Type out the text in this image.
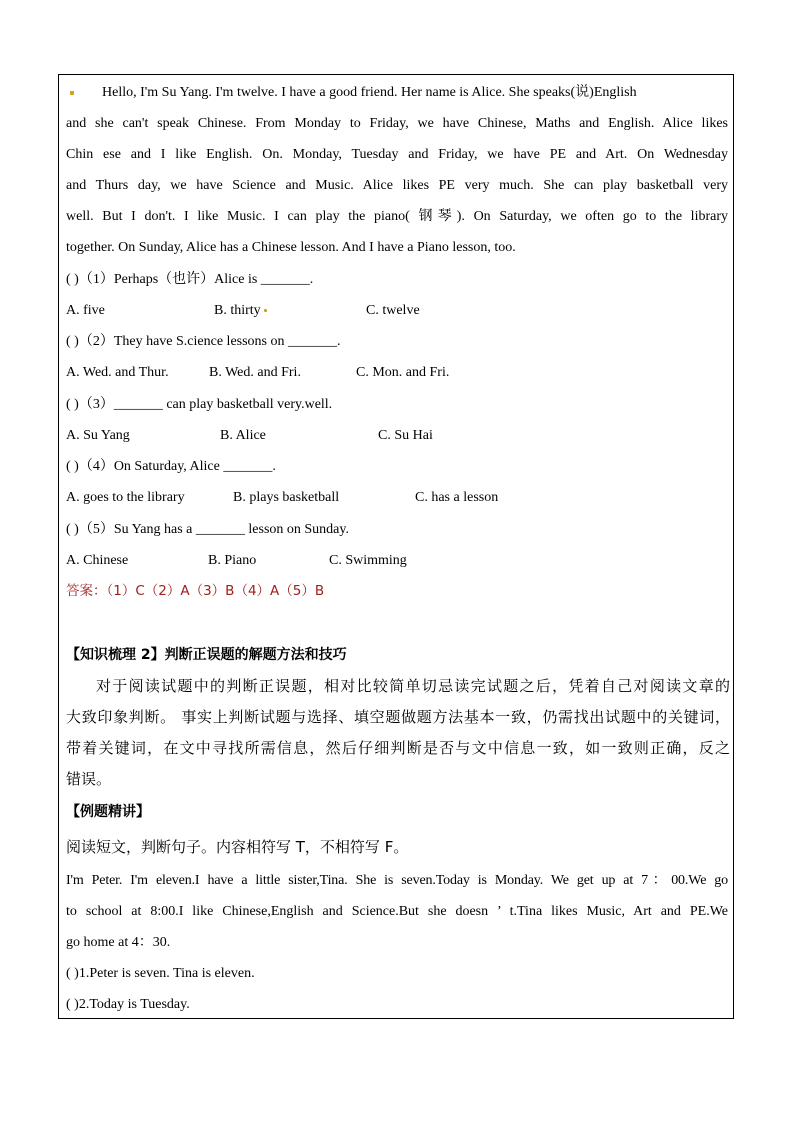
Hello, I'm Su Yang. I'm twelve. I have a good friend. Her name is Alice. She speaks(说)English
and she can't speak Chinese. From Monday to Friday, we have Chinese, Maths and English. Alice likes
Chin ese and I like English. On. Monday, Tuesday and Friday, we have PE and Art. On Wednesday
and Thurs day, we have Science and Music. Alice likes PE very much. She can play basketball very
well. But I don't. I like Music. I can play the piano( 钢琴). On Saturday, we often go to the library
together. On Sunday, Alice has a Chinese lesson. And I have a Piano lesson, too.
( )（1）Perhaps（也许）Alice is _______.
A. five	B. thirty	C. twelve
( )（2）They have S.cience lessons on _______.
A. Wed. and Thur.	B. Wed. and Fri.	C. Mon. and Fri.
( )（3）_______ can play basketball very.well.
A. Su Yang	B. Alice	C. Su Hai
( )（4）On Saturday, Alice _______.
A. goes to the library	B. plays basketball	C. has a lesson
( )（5）Su Yang has a _______ lesson on Sunday.
A. Chinese	B. Piano	C. Swimming
答案：（1）C（2）A（3）B（4）A（5）B
【知识梳理 2】判断正误题的解题方法和技巧
对于阅读试题中的判断正误题，相对比较简单切忌读完试题之后，凭着自己对阅读文章的
大致印象判断。 事实上判断试题与选择、填空题做题方法基本一致，仍需找出试题中的关键词，
带着关键词，在文中寻找所需信息，然后仔细判断是否与文中信息一致，如一致则正确，反之
错误。
【例题精讲】
阅读短文，判断句子。内容相符写 T，不相符写 F。
I'm Peter. I'm eleven.I have a little sister,Tina. She is seven.Today is Monday. We get up at 7：00.We go
to school at 8:00.I like Chinese,English and Science.But she doesn ’ t.Tina likes Music, Art and PE.We
go home at 4：30.
( )1.Peter is seven. Tina is eleven.
( )2.Today is Tuesday.
